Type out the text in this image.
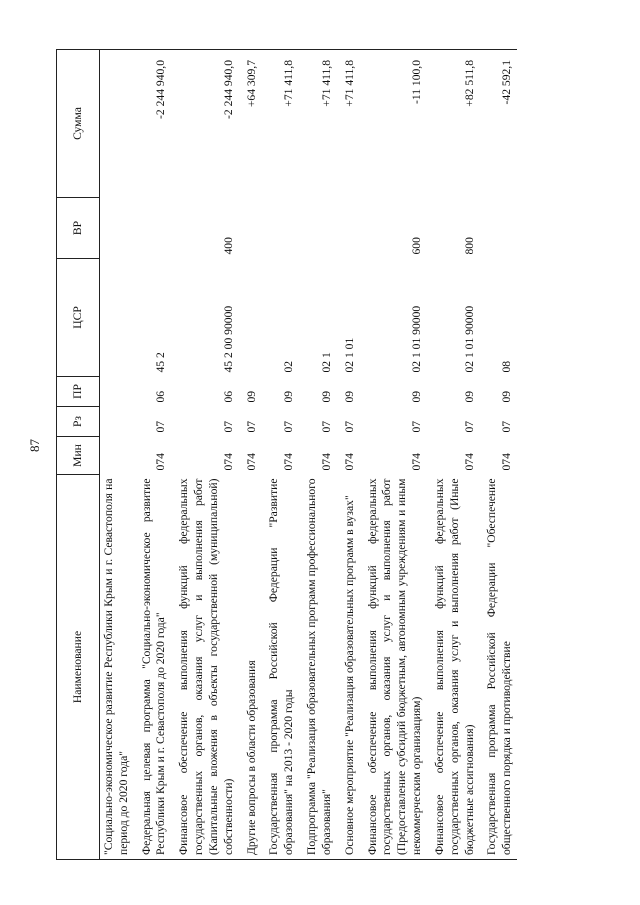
87
Наименование	Мин	Рз	ПР	ЦСР	ВР	Сумма
"Социально-экономическое развитие Республики Крым и г. Севастополя на период до 2020 года"						
Федеральная целевая программа "Социально-экономическое развитие Республики Крым и г. Севастополя до 2020 года"	074	07	06	45 2		-2 244 940,0
Финансовое обеспечение выполнения функций федеральных государственных органов, оказания услуг и выполнения работ (Капитальные вложения в объекты государственной (муниципальной) собственности)	074	07	06	45 2 00 90000	400	-2 244 940,0
Другие вопросы в области образования	074	07	09			+64 309,7
Государственная программа Российской Федерации "Развитие образования" на 2013 - 2020 годы	074	07	09	02		+71 411,8
Подпрограмма "Реализация образовательных программ профессионального образования"	074	07	09	02 1		+71 411,8
Основное мероприятие "Реализация образовательных программ в вузах"	074	07	09	02 1 01		+71 411,8
Финансовое обеспечение выполнения функций федеральных государственных органов, оказания услуг и выполнения работ (Предоставление субсидий бюджетным, автономным учреждениям и иным некоммерческим организациям)	074	07	09	02 1 01 90000	600	-11 100,0
Финансовое обеспечение выполнения функций федеральных государственных органов, оказания услуг и выполнения работ (Иные бюджетные ассигнования)	074	07	09	02 1 01 90000	800	+82 511,8
Государственная программа Российской Федерации "Обеспечение общественного порядка и противодействие	074	07	09	08		-42 592,1
